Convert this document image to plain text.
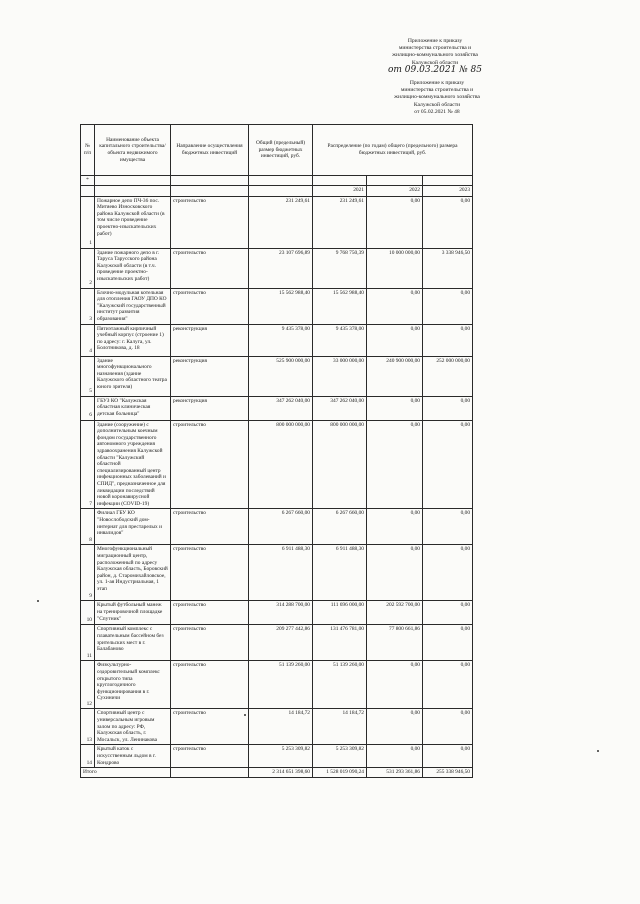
Приложение к приказу
министерства строительства и
жилищно-коммунального хозяйства
Калужской области
от 09.03.2021 № 85
Приложение к приказу
министерства строительства и
жилищно-коммунального хозяйства
Калужской области
от 05.02.2021 № 48
№ п/п	Наименование объекта капитального строительства/объекта недвижимого имущества	Направление осуществления бюджетных инвестиций	Общий (предельный) размер бюджетных инвестиций, руб.	Распределение (по годам) общего (предельного) размера бюджетных инвестиций, руб.		

*						
				2021	2022	2023
1	Пожарное депо ПЧ-36 пос. Митяево Износковского района Калужской области (в том числе проведение проектно-изыскательских работ)	строительство	231 249,61	231 249,61	0,00	0,00
2	Здание пожарного депо в г. Таруса Тарусского района Калужской области (в т.ч. проведение проектно-изыскательских работ)	строительство	23 107 696,89	9 768 750,39	10 000 000,00	3 338 946,50
3	Блочно-модульная котельная для отопления ГАОУ ДПО КО "Калужский государственный институт развития образования"	строительство	15 562 988,40	15 562 988,40	0,00	0,00
4	Пятиэтажный кирпичный учебный корпус (строение 1) по адресу: г. Калуга, ул. Болотникова, д. 18	реконструкция	9 435 378,00	9 435 378,00	0,00	0,00
5	Здание многофункционального назначения (здание Калужского областного театра юного зрителя)	реконструкция	525 900 000,00	33 000 000,00	240 900 000,00	252 000 000,00
6	ГБУЗ КО "Калужская областная клиническая детская больница"	реконструкция	347 262 040,00	347 262 040,00	0,00	0,00
7	Здание (сооружение) с дополнительным коечным фондом государственного автономного учреждения здравоохранения Калужской области "Калужский областной специализированный центр инфекционных заболеваний и СПИД", предназначенное для ликвидации последствий новой коронавирусной инфекции (COVID-19)	строительство	800 000 000,00	800 000 000,00	0,00	0,00
8	Филиал ГБУ КО "Новослободский дом-интернат для престарелых и инвалидов"	строительство	6 267 660,00	6 267 660,00	0,00	0,00
9	Многофункциональный миграционный центр, расположенный по адресу Калужская область, Боровский район, д. Старомихайловское, ул. 1-ая Индустриальная, 1 этап	строительство	6 911 488,30	6 911 488,30	0,00	0,00
10	Крытый футбольный манеж на тренировочной площадке "Спутник"	строительство	314 288 700,00	111 696 000,00	202 592 700,00	0,00
11	Спортивный комплекс с плавательным бассейном без зрительских мест в г. Балабаново	строительство	209 277 442,86	131 476 781,00	77 800 661,86	0,00
12	Физкультурно-оздоровительный комплекс открытого типа круглогодичного функционирования в г. Сухиничи	строительство	51 139 260,00	51 139 260,00	0,00	0,00
13	Спортивный центр с универсальным игровым залом по адресу: РФ, Калужская область, г. Мосальск, ул. Ленинакова	строительство	14 184,72	14 184,72	0,00	0,00
14	Крытый каток с искусственным льдом в г. Кондрово	строительство	5 253 309,82	5 253 309,82	0,00	0,00
Итого			2 314 651 398,60	1 528 019 090,24	531 293 361,86	255 338 946,50
